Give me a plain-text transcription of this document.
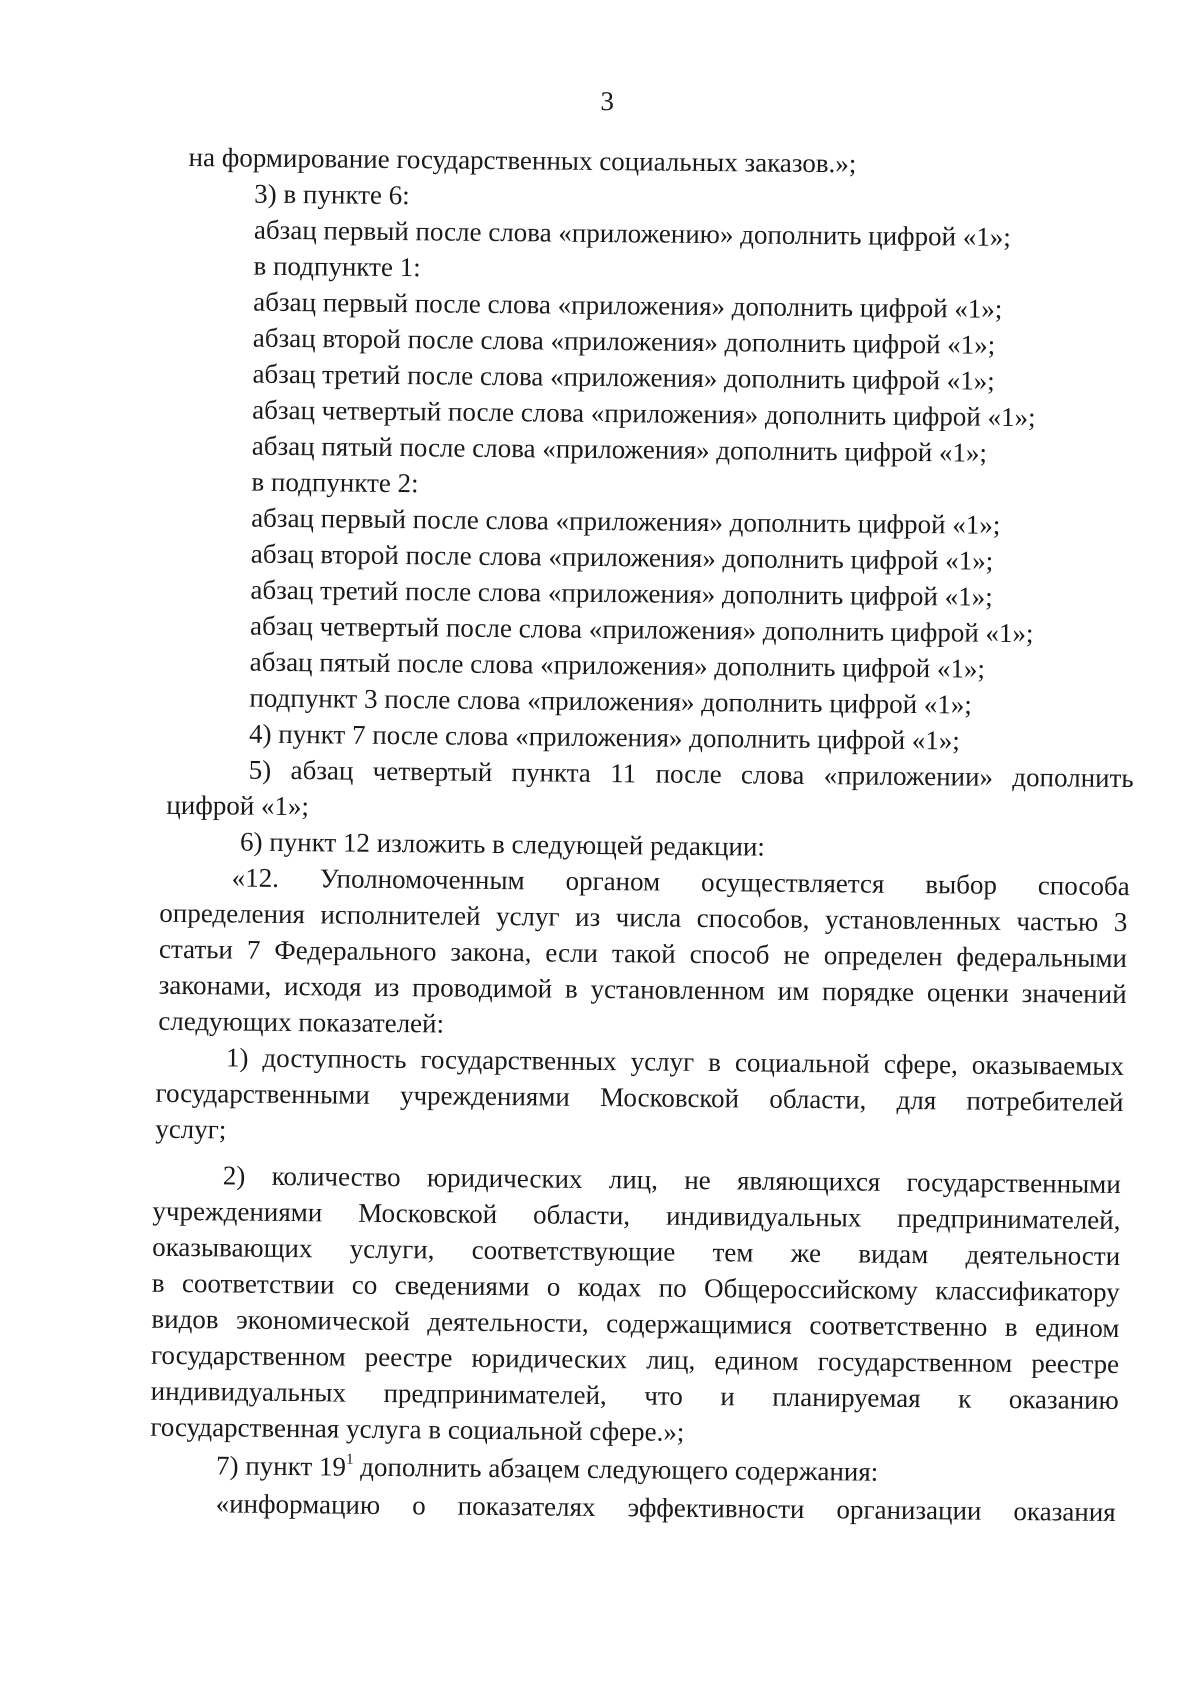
3
на формирование государственных социальных заказов.»;
3) в пункте 6:
абзац первый после слова «приложению» дополнить цифрой «1»;
в подпункте 1:
абзац первый после слова «приложения» дополнить цифрой «1»;
абзац второй после слова «приложения» дополнить цифрой «1»;
абзац третий после слова «приложения» дополнить цифрой «1»;
абзац четвертый после слова «приложения» дополнить цифрой «1»;
абзац пятый после слова «приложения» дополнить цифрой «1»;
в подпункте 2:
абзац первый после слова «приложения» дополнить цифрой «1»;
абзац второй после слова «приложения» дополнить цифрой «1»;
абзац третий после слова «приложения» дополнить цифрой «1»;
абзац четвертый после слова «приложения» дополнить цифрой «1»;
абзац пятый после слова «приложения» дополнить цифрой «1»;
подпункт 3 после слова «приложения» дополнить цифрой «1»;
4) пункт 7 после слова «приложения» дополнить цифрой «1»;
5) абзац четвертый пункта 11 после слова «приложении» дополнить
цифрой «1»;
6) пункт 12 изложить в следующей редакции:
«12. Уполномоченным органом осуществляется выбор способа
определения исполнителей услуг из числа способов, установленных частью 3
статьи 7 Федерального закона, если такой способ не определен федеральными
законами, исходя из проводимой в установленном им порядке оценки значений
следующих показателей:
1) доступность государственных услуг в социальной сфере, оказываемых
государственными учреждениями Московской области, для потребителей
услуг;
2) количество юридических лиц, не являющихся государственными
учреждениями Московской области, индивидуальных предпринимателей,
оказывающих услуги, соответствующие тем же видам деятельности
в соответствии со сведениями о кодах по Общероссийскому классификатору
видов экономической деятельности, содержащимися соответственно в едином
государственном реестре юридических лиц, едином государственном реестре
индивидуальных предпринимателей, что и планируемая к оказанию
государственная услуга в социальной сфере.»;
7) пункт $19^1$ дополнить абзацем следующего содержания:
«информацию о показателях эффективности организации оказания
